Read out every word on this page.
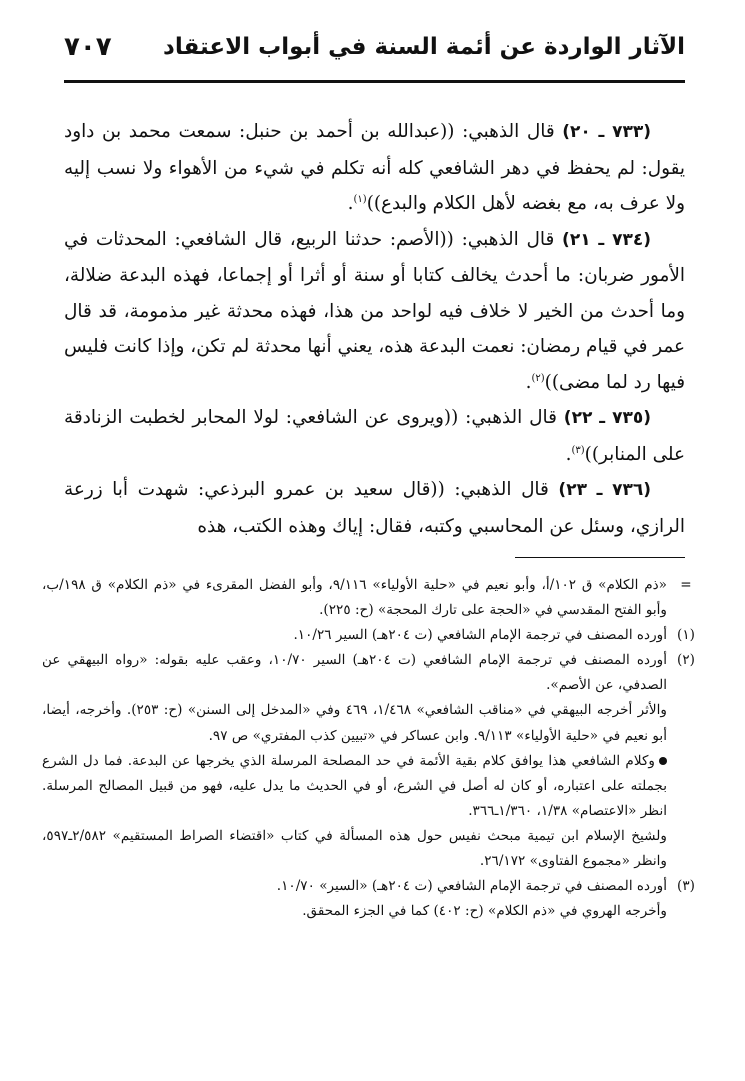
الآثار الواردة عن أئمة السنة في أبواب الاعتقاد
٧٠٧

(٧٣٣ ـ ٢٠) قال الذهبي: ((عبدالله بن أحمد بن حنبل: سمعت محمد بن داود يقول: لم يحفظ في دهر الشافعي كله أنه تكلم في شيء من الأهواء ولا نسب إليه ولا عرف به، مع بغضه لأهل الكلام والبدع))$^{(١)}$.

(٧٣٤ ـ ٢١) قال الذهبي: ((الأصم: حدثنا الربيع، قال الشافعي: المحدثات في الأمور ضربان: ما أحدث يخالف كتابا أو سنة أو أثرا أو إجماعا، فهذه البدعة ضلالة، وما أحدث من الخير لا خلاف فيه لواحد من هذا، فهذه محدثة غير مذمومة، قد قال عمر في قيام رمضان: نعمت البدعة هذه، يعني أنها محدثة لم تكن، وإذا كانت فليس فيها رد لما مضى))$^{(٢)}$.

(٧٣٥ ـ ٢٢) قال الذهبي: ((ويروى عن الشافعي: لولا المحابر لخطبت الزنادقة على المنابر))$^{(٣)}$.

(٧٣٦ ـ ٢٣) قال الذهبي: ((قال سعيد بن عمرو البرذعي: شهدت أبا زرعة الرازي، وسئل عن المحاسبي وكتبه، فقال: إياك وهذه الكتب، هذه

=

«ذم الكلام» ق ١٠٢/أ، وأبو نعيم في «حلية الأولياء» ٩/١١٦، وأبو الفضل المقرىء في «ذم الكلام» ق ١٩٨/ب، وأبو الفتح المقدسي في «الحجة على تارك المحجة» (ح: ٢٢٥).

(١)

أورده المصنف في ترجمة الإمام الشافعي (ت ٢٠٤هـ) السير ١٠/٢٦.

(٢)

أورده المصنف في ترجمة الإمام الشافعي (ت ٢٠٤هـ) السير ١٠/٧٠، وعقب عليه بقوله: «رواه البيهقي عن الصدفي، عن الأصم».

والأثر أخرجه البيهقي في «مناقب الشافعي» ١/٤٦٨، ٤٦٩ وفي «المدخل إلى السنن» (ح: ٢٥٣). وأخرجه، أيضا، أبو نعيم في «حلية الأولياء» ٩/١١٣. وابن عساكر في «تبيين كذب المفتري» ص ٩٧.

وكلام الشافعي هذا يوافق كلام بقية الأئمة في حد المصلحة المرسلة الذي يخرجها عن البدعة. فما دل الشرع بجملته على اعتباره، أو كان له أصل في الشرع، أو في الحديث ما يدل عليه، فهو من قبيل المصالح المرسلة. انظر «الاعتصام» ١/٣٨، ١/٣٦٠ـ٣٦٦.

ولشيخ الإسلام ابن تيمية مبحث نفيس حول هذه المسألة في كتاب «اقتضاء الصراط المستقيم» ٢/٥٨٢ـ٥٩٧، وانظر «مجموع الفتاوى» ٢٦/١٧٢.

(٣)

أورده المصنف في ترجمة الإمام الشافعي (ت ٢٠٤هـ) «السير» ١٠/٧٠.

وأخرجه الهروي في «ذم الكلام» (ح: ٤٠٢) كما في الجزء المحقق.
